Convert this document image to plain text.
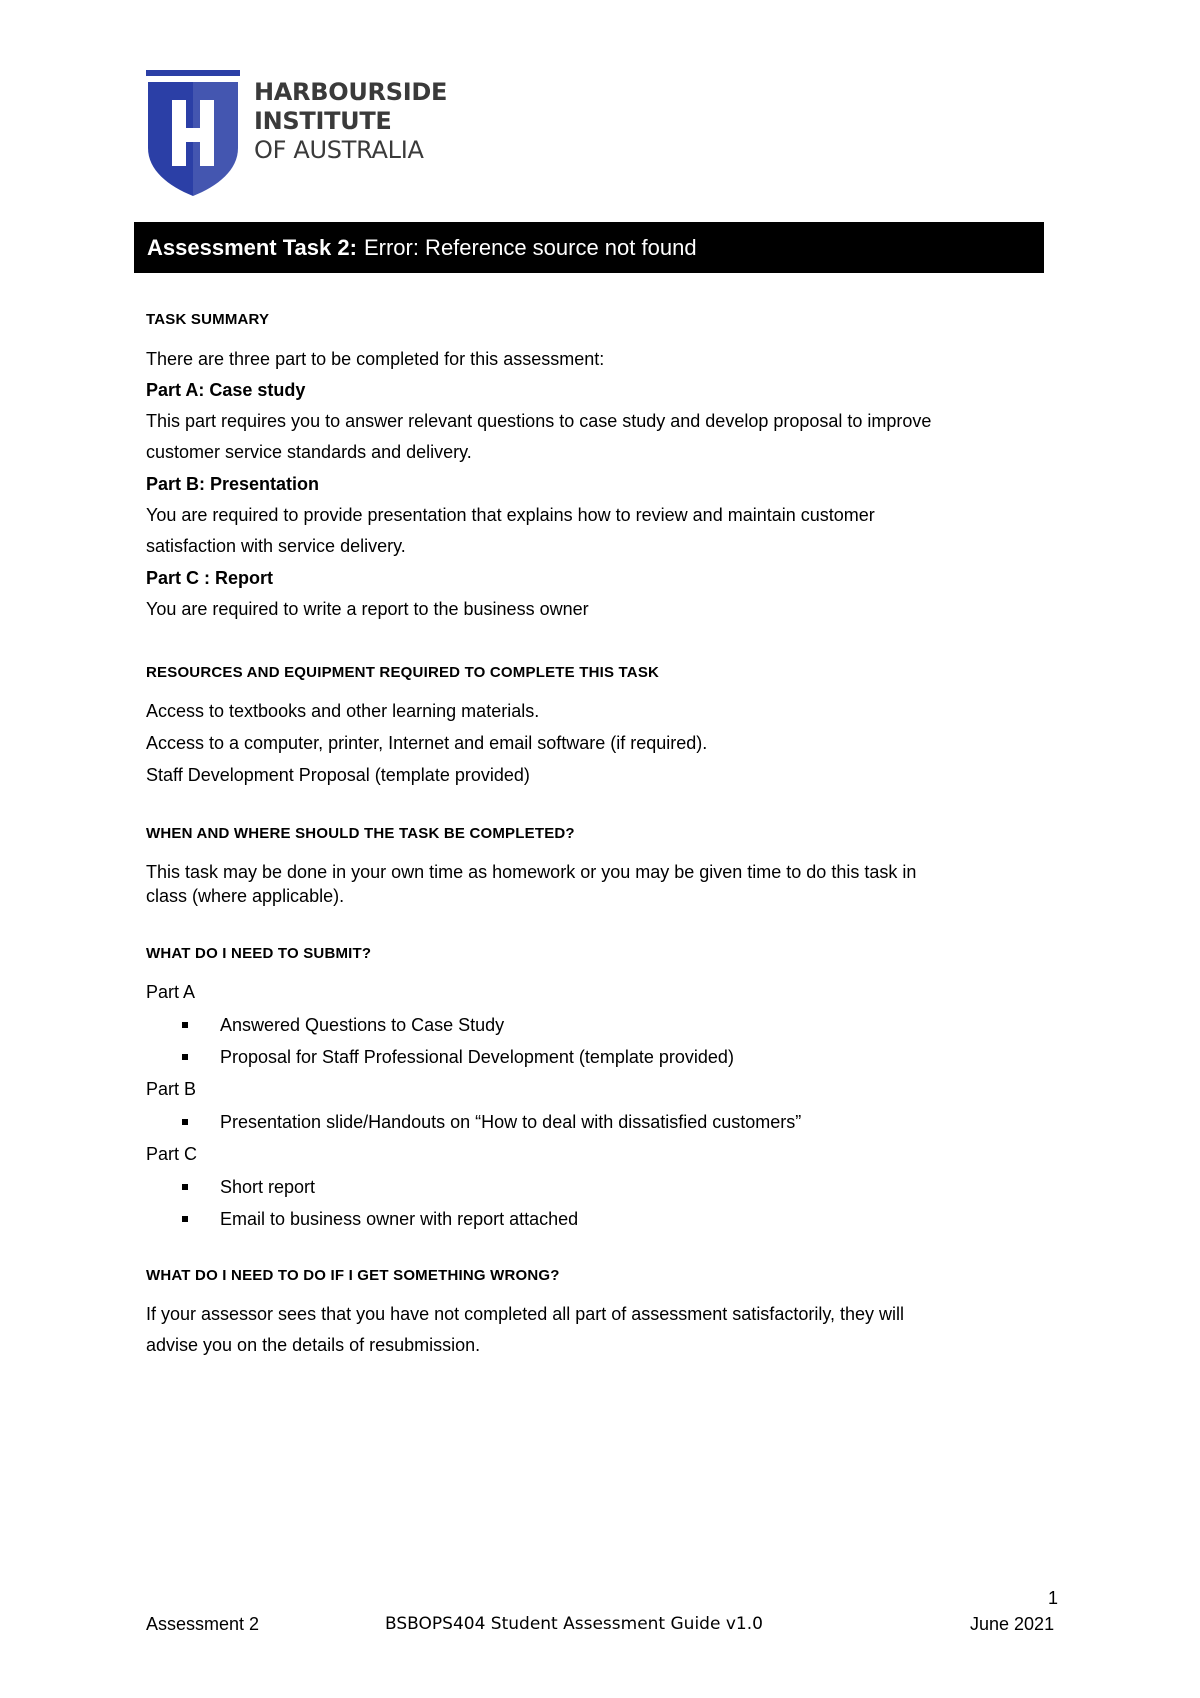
HARBOURSIDE
INSTITUTE
OF AUSTRALIA
Assessment Task 2: Error: Reference source not found
TASK SUMMARY
There are three part to be completed for this assessment:
Part A: Case study
This part requires you to answer relevant questions to case study and develop proposal to improve
customer service standards and delivery.
Part B: Presentation
You are required to provide presentation that explains how to review and maintain customer
satisfaction with service delivery.
Part C : Report
You are required to write a report to the business owner
RESOURCES AND EQUIPMENT REQUIRED TO COMPLETE THIS TASK
Access to textbooks and other learning materials.
Access to a computer, printer, Internet and email software (if required).
Staff Development Proposal (template provided)
WHEN AND WHERE SHOULD THE TASK BE COMPLETED?
This task may be done in your own time as homework or you may be given time to do this task in
class (where applicable).
WHAT DO I NEED TO SUBMIT?
Part A
Answered Questions to Case Study
Proposal for Staff Professional Development (template provided)
Part B
Presentation slide/Handouts on “How to deal with dissatisfied customers”
Part C
Short report
Email to business owner with report attached
WHAT DO I NEED TO DO IF I GET SOMETHING WRONG?
If your assessor sees that you have not completed all part of assessment satisfactorily, they will
advise you on the details of resubmission.
1
Assessment 2	BSBOPS404 Student Assessment Guide v1.0	June 2021
